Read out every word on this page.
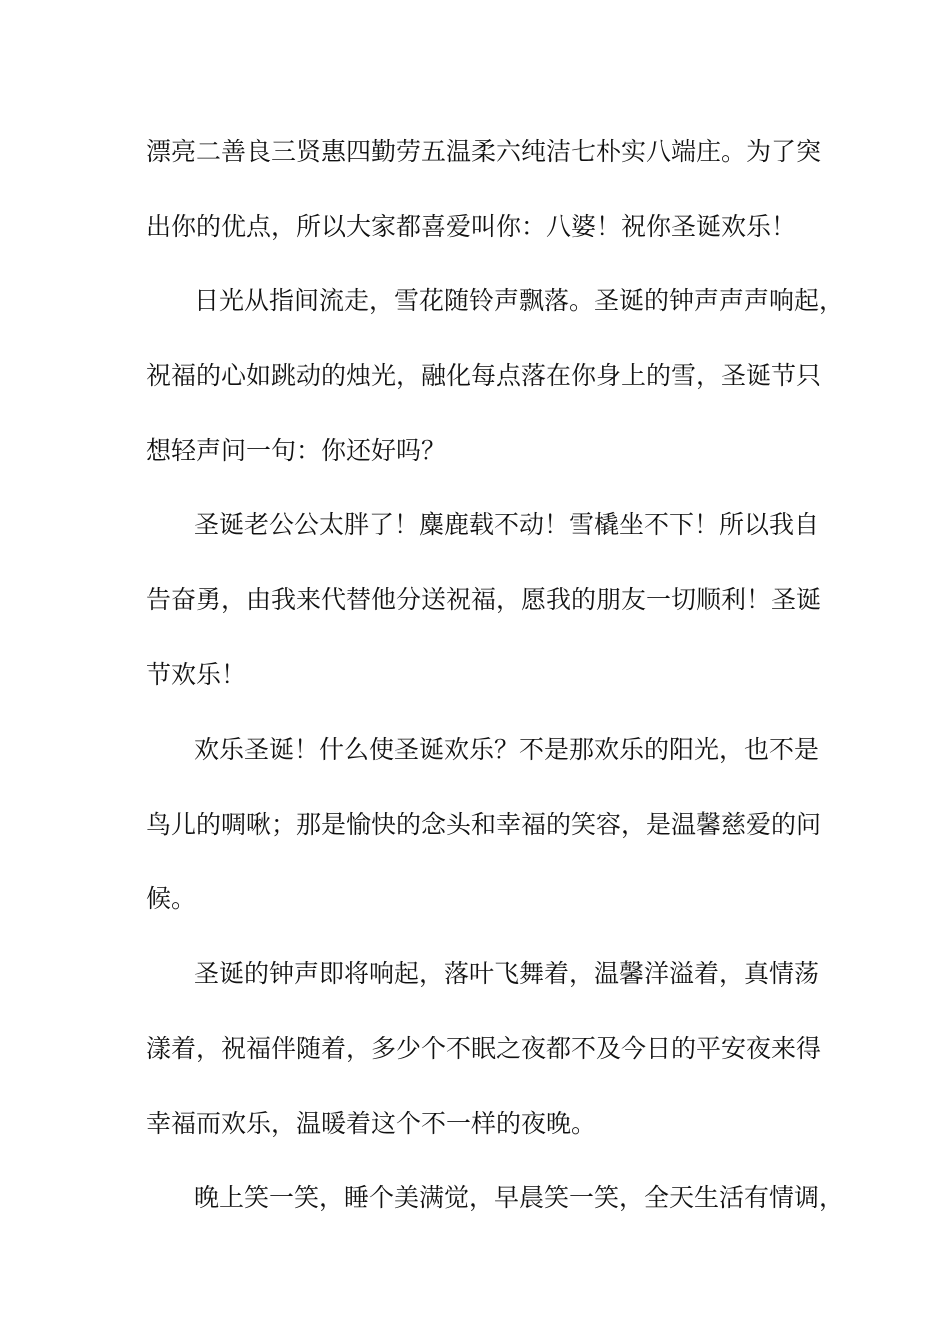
漂亮二善良三贤惠四勤劳五温柔六纯洁七朴实八端庄。为了突
出你的优点，所以大家都喜爱叫你：八婆！祝你圣诞欢乐！
日光从指间流走，雪花随铃声飘落。圣诞的钟声声声响起，
祝福的心如跳动的烛光，融化每点落在你身上的雪，圣诞节只
想轻声问一句：你还好吗？
圣诞老公公太胖了！麋鹿载不动！雪橇坐不下！所以我自
告奋勇，由我来代替他分送祝福，愿我的朋友一切顺利！圣诞
节欢乐！
欢乐圣诞！什么使圣诞欢乐？不是那欢乐的阳光，也不是
鸟儿的啁啾；那是愉快的念头和幸福的笑容，是温馨慈爱的问
候。
圣诞的钟声即将响起，落叶飞舞着，温馨洋溢着，真情荡
漾着，祝福伴随着，多少个不眠之夜都不及今日的平安夜来得
幸福而欢乐，温暖着这个不一样的夜晚。
晚上笑一笑，睡个美满觉，早晨笑一笑，全天生活有情调，
